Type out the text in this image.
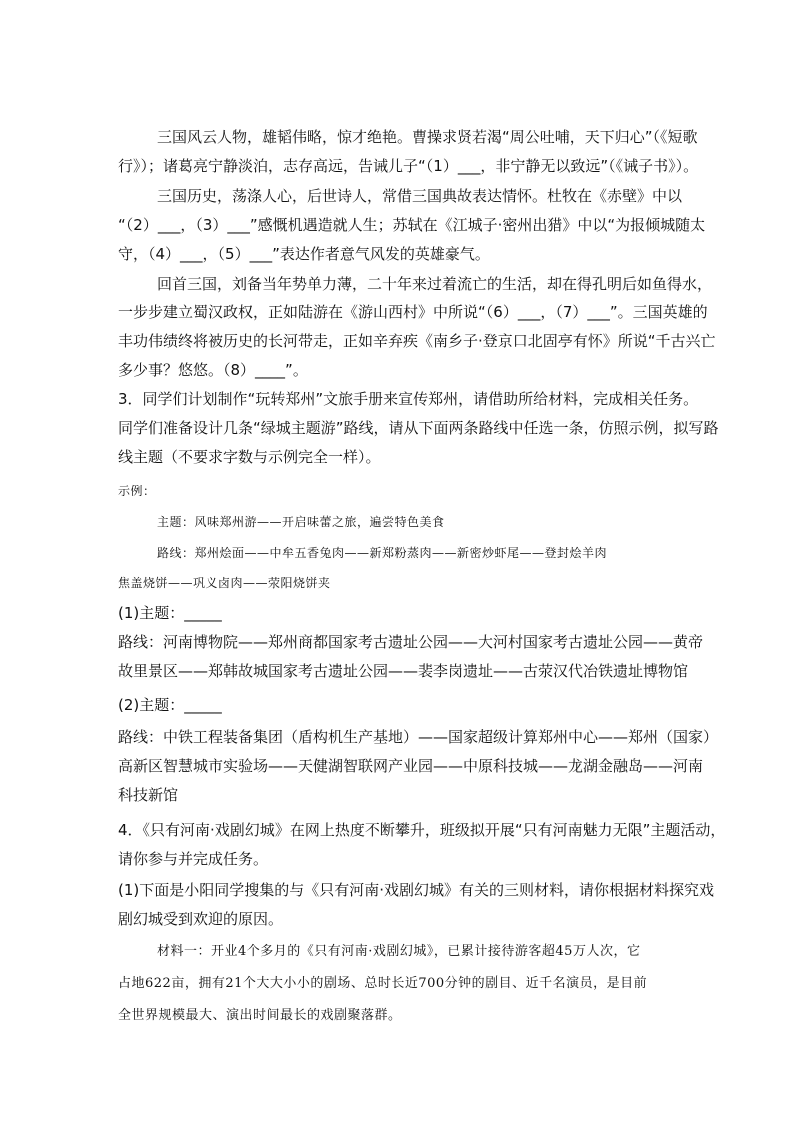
三国风云人物，雄韬伟略，惊才绝艳。曹操求贤若渴“周公吐哺，天下归心”（《短歌
行》）；诸葛亮宁静淡泊，志存高远，告诫儿子“（1）___，非宁静无以致远”（《诫子书》）。
三国历史，荡涤人心，后世诗人，常借三国典故表达情怀。杜牧在《赤壁》中以
“（2）___，（3）___”感慨机遇造就人生；苏轼在《江城子·密州出猎》中以“为报倾城随太
守，（4）___，（5）___”表达作者意气风发的英雄豪气。
回首三国，刘备当年势单力薄，二十年来过着流亡的生活，却在得孔明后如鱼得水，
一步步建立蜀汉政权，正如陆游在《游山西村》中所说“（6）___，（7）___”。三国英雄的
丰功伟绩终将被历史的长河带走，正如辛弃疾《南乡子·登京口北固亭有怀》所说“千古兴亡
多少事？悠悠。（8）____”。
3．同学们计划制作“玩转郑州”文旅手册来宣传郑州，请借助所给材料，完成相关任务。
同学们准备设计几条“绿城主题游”路线，请从下面两条路线中任选一条，仿照示例，拟写路
线主题（不要求字数与示例完全一样）。
示例：
主题：风味郑州游——开启味蕾之旅，遍尝特色美食
路线：郑州烩面——中牟五香兔肉——新郑粉蒸肉——新密炒虾尾——登封烩羊肉
焦盖烧饼——巩义卤肉——荥阳烧饼夹
(1)主题：_____
路线：河南博物院——郑州商都国家考古遗址公园——大河村国家考古遗址公园——黄帝
故里景区——郑韩故城国家考古遗址公园——裴李岗遗址——古荥汉代冶铁遗址博物馆
(2)主题：_____
路线：中铁工程装备集团（盾构机生产基地）——国家超级计算郑州中心——郑州（国家）
高新区智慧城市实验场——天健湖智联网产业园——中原科技城——龙湖金融岛——河南
科技新馆
4．《只有河南·戏剧幻城》在网上热度不断攀升，班级拟开展“只有河南魅力无限”主题活动，
请你参与并完成任务。
(1)下面是小阳同学搜集的与《只有河南·戏剧幻城》有关的三则材料，请你根据材料探究戏
剧幻城受到欢迎的原因。
材料一：开业4个多月的《只有河南·戏剧幻城》，已累计接待游客超45万人次，它
占地622亩，拥有21个大大小小的剧场、总时长近700分钟的剧目、近千名演员，是目前
全世界规模最大、演出时间最长的戏剧聚落群。
